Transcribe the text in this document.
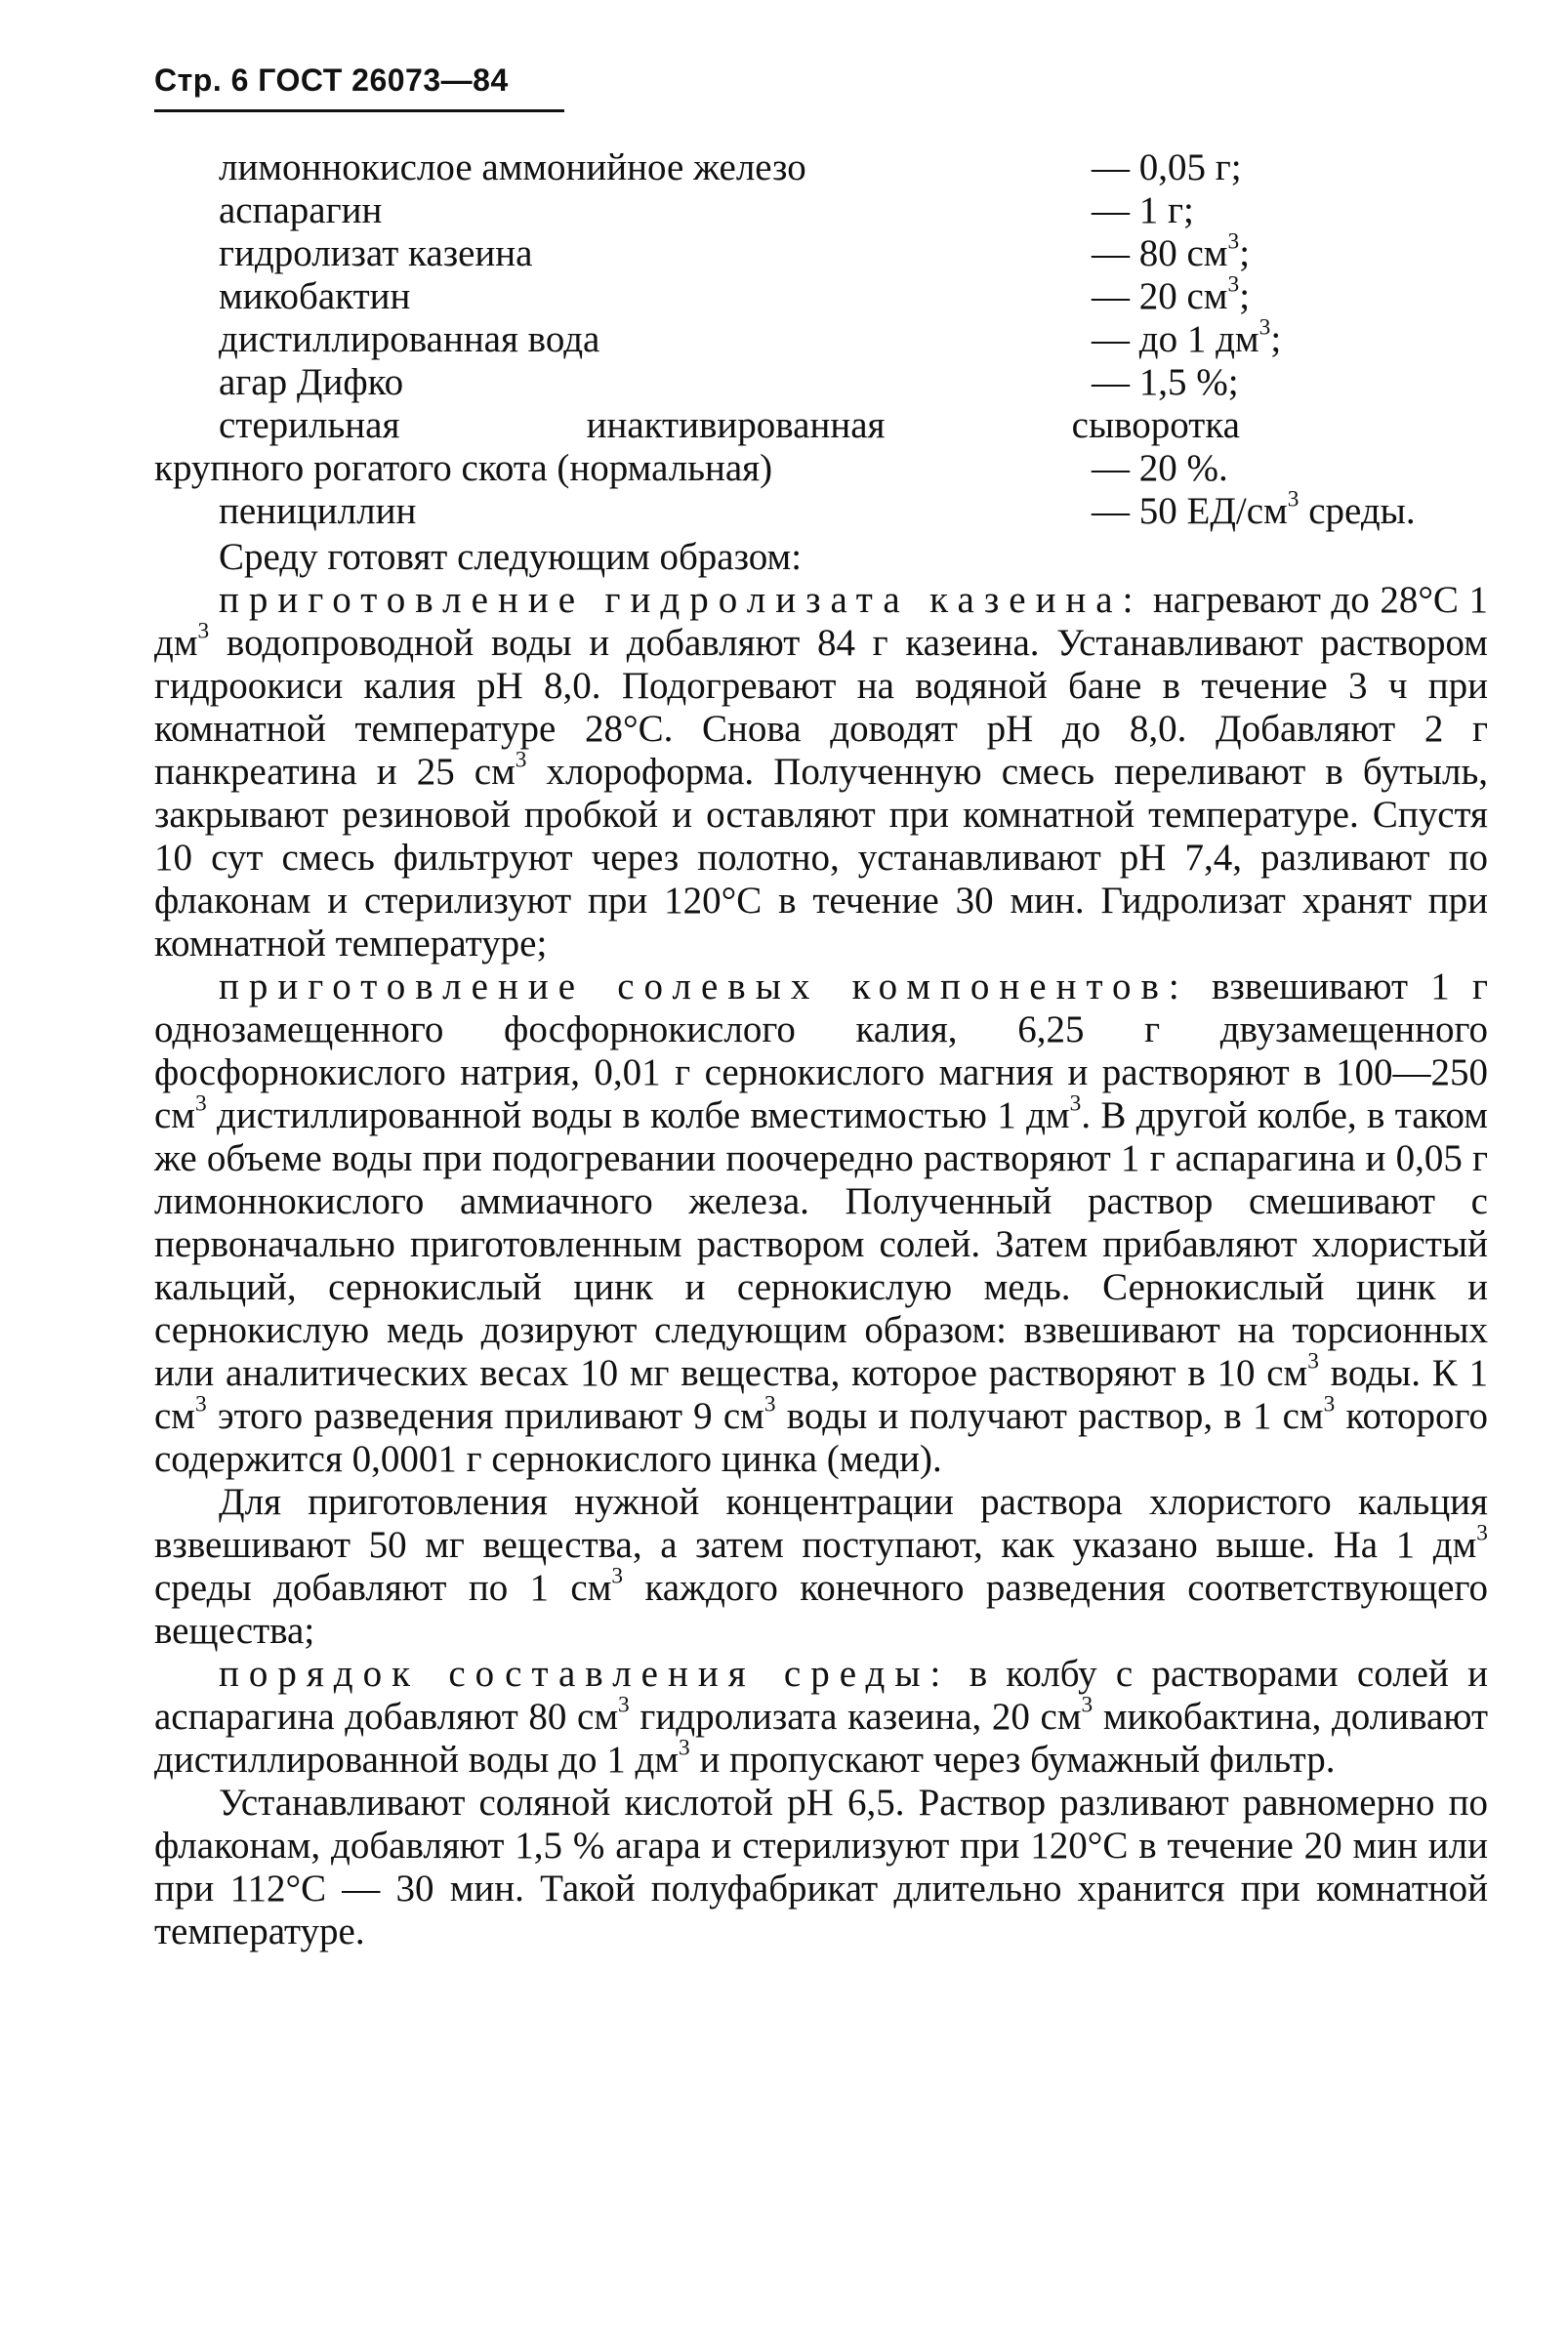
Стр. 6 ГОСТ 26073—84
лимоннокислое аммонийное железо	— 0,05 г;
аспарагин	— 1 г;
гидролизат казеина	— 80 $см^3$;
микобактин	— 20 $см^3$;
дистиллированная вода	— до 1 $дм^3$;
агар Дифко	— 1,5 %;
стерильная инактивированная сыворотка
крупного рогатого скота (нормальная)	— 20 %.
пенициллин	— 50 $ЕД/см^3$ среды.

Среду готовят следующим образом:

приготовление гидролизата казеина: нагревают до 28°С 1 $дм^3$ водопроводной воды и добавляют 84 г казеина. Устанавливают раствором гидроокиси калия рН 8,0. Подогревают на водяной бане в течение 3 ч при комнатной температуре 28°С. Снова доводят рН до 8,0. Добавляют 2 г панкреатина и 25 $см^3$ хлороформа. Полученную смесь переливают в бутыль, закрывают резиновой пробкой и оставляют при комнатной температуре. Спустя 10 сут смесь фильтруют через полотно, устанавливают рН 7,4, разливают по флаконам и стерилизуют при 120°С в течение 30 мин. Гидролизат хранят при комнатной температуре;

приготовление солевых компонентов: взвешивают 1 г однозамещенного фосфорнокислого калия, 6,25 г двузамещенного фосфорнокислого натрия, 0,01 г сернокислого магния и растворяют в 100—250 $см^3$ дистиллированной воды в колбе вместимостью 1 $дм^3$. В другой колбе, в таком же объеме воды при подогревании поочередно растворяют 1 г аспарагина и 0,05 г лимоннокислого аммиачного железа. Полученный раствор смешивают с первоначально приготовленным раствором солей. Затем прибавляют хлористый кальций, сернокислый цинк и сернокислую медь. Сернокислый цинк и сернокислую медь дозируют следующим образом: взвешивают на торсионных или аналитических весах 10 мг вещества, которое растворяют в 10 $см^3$ воды. К 1 $см^3$ этого разведения приливают 9 $см^3$ воды и получают раствор, в 1 $см^3$ которого содержится 0,0001 г сернокислого цинка (меди).

Для приготовления нужной концентрации раствора хлористого кальция взвешивают 50 мг вещества, а затем поступают, как указано выше. На 1 $дм^3$ среды добавляют по 1 $см^3$ каждого конечного разведения соответствующего вещества;

порядок составления среды: в колбу с растворами солей и аспарагина добавляют 80 $см^3$ гидролизата казеина, 20 $см^3$ микобактина, доливают дистиллированной воды до 1 $дм^3$ и пропускают через бумажный фильтр.

Устанавливают соляной кислотой рН 6,5. Раствор разливают равномерно по флаконам, добавляют 1,5 % агара и стерилизуют при 120°С в течение 20 мин или при 112°С — 30 мин. Такой полуфабрикат длительно хранится при комнатной температуре.
